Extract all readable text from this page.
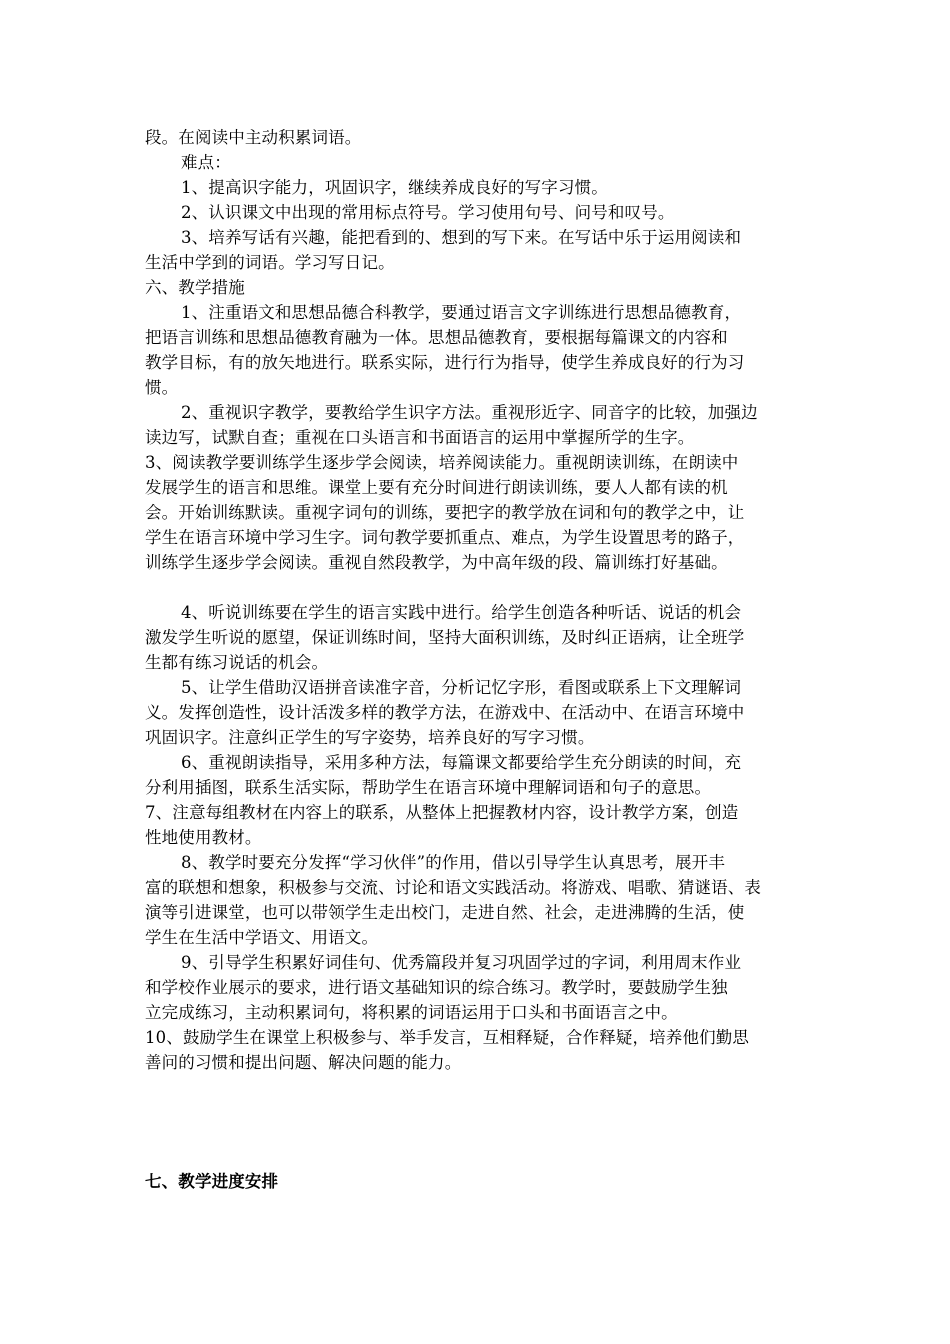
段。在阅读中主动积累词语。
难点：
1、提高识字能力，巩固识字，继续养成良好的写字习惯。
2、认识课文中出现的常用标点符号。学习使用句号、问号和叹号。
3、培养写话有兴趣，能把看到的、想到的写下来。在写话中乐于运用阅读和
生活中学到的词语。学习写日记。
六、教学措施
1、注重语文和思想品德合科教学，要通过语言文字训练进行思想品德教育，
把语言训练和思想品德教育融为一体。思想品德教育，要根据每篇课文的内容和
教学目标，有的放矢地进行。联系实际，进行行为指导，使学生养成良好的行为习
惯。
2、重视识字教学，要教给学生识字方法。重视形近字、同音字的比较，加强边
读边写，试默自查；重视在口头语言和书面语言的运用中掌握所学的生字。
3、阅读教学要训练学生逐步学会阅读，培养阅读能力。重视朗读训练，在朗读中
发展学生的语言和思维。课堂上要有充分时间进行朗读训练，要人人都有读的机
会。开始训练默读。重视字词句的训练，要把字的教学放在词和句的教学之中，让
学生在语言环境中学习生字。词句教学要抓重点、难点，为学生设置思考的路子，
训练学生逐步学会阅读。重视自然段教学，为中高年级的段、篇训练打好基础。
4、听说训练要在学生的语言实践中进行。给学生创造各种听话、说话的机会
激发学生听说的愿望，保证训练时间，坚持大面积训练，及时纠正语病，让全班学
生都有练习说话的机会。
5、让学生借助汉语拼音读准字音，分析记忆字形，看图或联系上下文理解词
义。发挥创造性，设计活泼多样的教学方法，在游戏中、在活动中、在语言环境中
巩固识字。注意纠正学生的写字姿势，培养良好的写字习惯。
6、重视朗读指导，采用多种方法，每篇课文都要给学生充分朗读的时间，充
分利用插图，联系生活实际，帮助学生在语言环境中理解词语和句子的意思。
7、注意每组教材在内容上的联系，从整体上把握教材内容，设计教学方案，创造
性地使用教材。
8、教学时要充分发挥“学习伙伴”的作用，借以引导学生认真思考，展开丰
富的联想和想象，积极参与交流、讨论和语文实践活动。将游戏、唱歌、猜谜语、表
演等引进课堂，也可以带领学生走出校门，走进自然、社会，走进沸腾的生活，使
学生在生活中学语文、用语文。
9、引导学生积累好词佳句、优秀篇段并复习巩固学过的字词，利用周末作业
和学校作业展示的要求，进行语文基础知识的综合练习。教学时，要鼓励学生独
立完成练习，主动积累词句，将积累的词语运用于口头和书面语言之中。
10、鼓励学生在课堂上积极参与、举手发言，互相释疑，合作释疑，培养他们勤思
善问的习惯和提出问题、解决问题的能力。
七、教学进度安排
